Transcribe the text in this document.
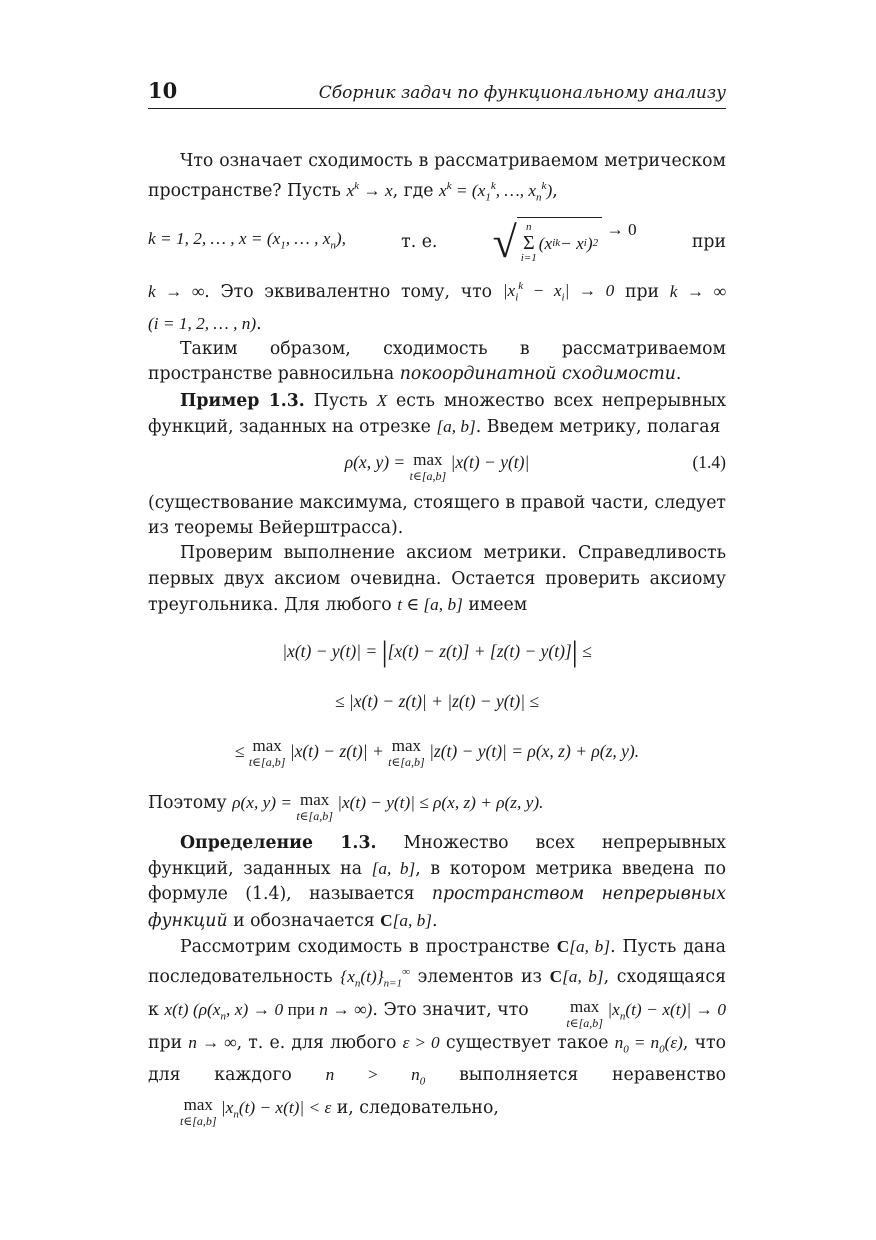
10	Сборник задач по функциональному анализу

Что означает сходимость в рассматриваемом метрическом пространстве? Пусть $x^k \to x$, где $x^k = (x_1^k$, …, $x_n^k$),

k = 1, 2, … , $x = (x_1$, … , $x_n$),	т. е. √ n
Σ
i=1
(x i k − x i ) 2
→ 0
при

k → ∞. Это эквивалентно тому, что $|x_i^k - x_i| \to 0$ при k → ∞ (i = 1, 2, … , n).

Таким образом, сходимость в рассматриваемом пространстве равносильна покоординатной сходимости.

Пример 1.3. Пусть X есть множество всех непрерывных функций, заданных на отрезке [a, b]. Введем метрику, полагая

ρ(x, y) = max
t∈[a,b]
|x(t) − y(t)|	(1.4)

(существование максимума, стоящего в правой части, следует из теоремы Вейерштрасса).

Проверим выполнение аксиом метрики. Справедливость первых двух аксиом очевидна. Остается проверить аксиому треугольника. Для любого t ∈ [a, b] имеем

|x(t) − y(t)| = |[x(t) − z(t)] + [z(t) − y(t)]| ≤
≤ |x(t) − z(t)| + |z(t) − y(t)| ≤
≤ max
t∈[a,b]
|x(t) − z(t)| + max
t∈[a,b]
|z(t) − y(t)| = ρ(x, z) + ρ(z, y).

Поэтому ρ(x, y) = max
t∈[a,b]
|x(t) − y(t)| ≤ ρ(x, z) + ρ(z, y).

Определение 1.3. Множество всех непрерывных функций, заданных на [a, b], в котором метрика введена по формуле (1.4), называется пространством непрерывных функций и обозначается C[a, b].

Рассмотрим сходимость в пространстве C[a, b]. Пусть дана последовательность $\{x_n(t)\}_{n=1}^\infty$ элементов из C[a, b], сходящаяся к x(t) ($\rho(x_n$, x) → 0 при n → ∞). Это значит, что	max
t∈[a,b]
$|x_n(t) - x(t)| \to 0$ при n → ∞, т. е. для любого ε > 0 существует такое $n_0 = n_0(\varepsilon)$, что для каждого $n > n_0$ выполняется неравенство
max
t∈[a,b]
$|x_n(t) - x(t)| < \varepsilon$ и, следовательно,
